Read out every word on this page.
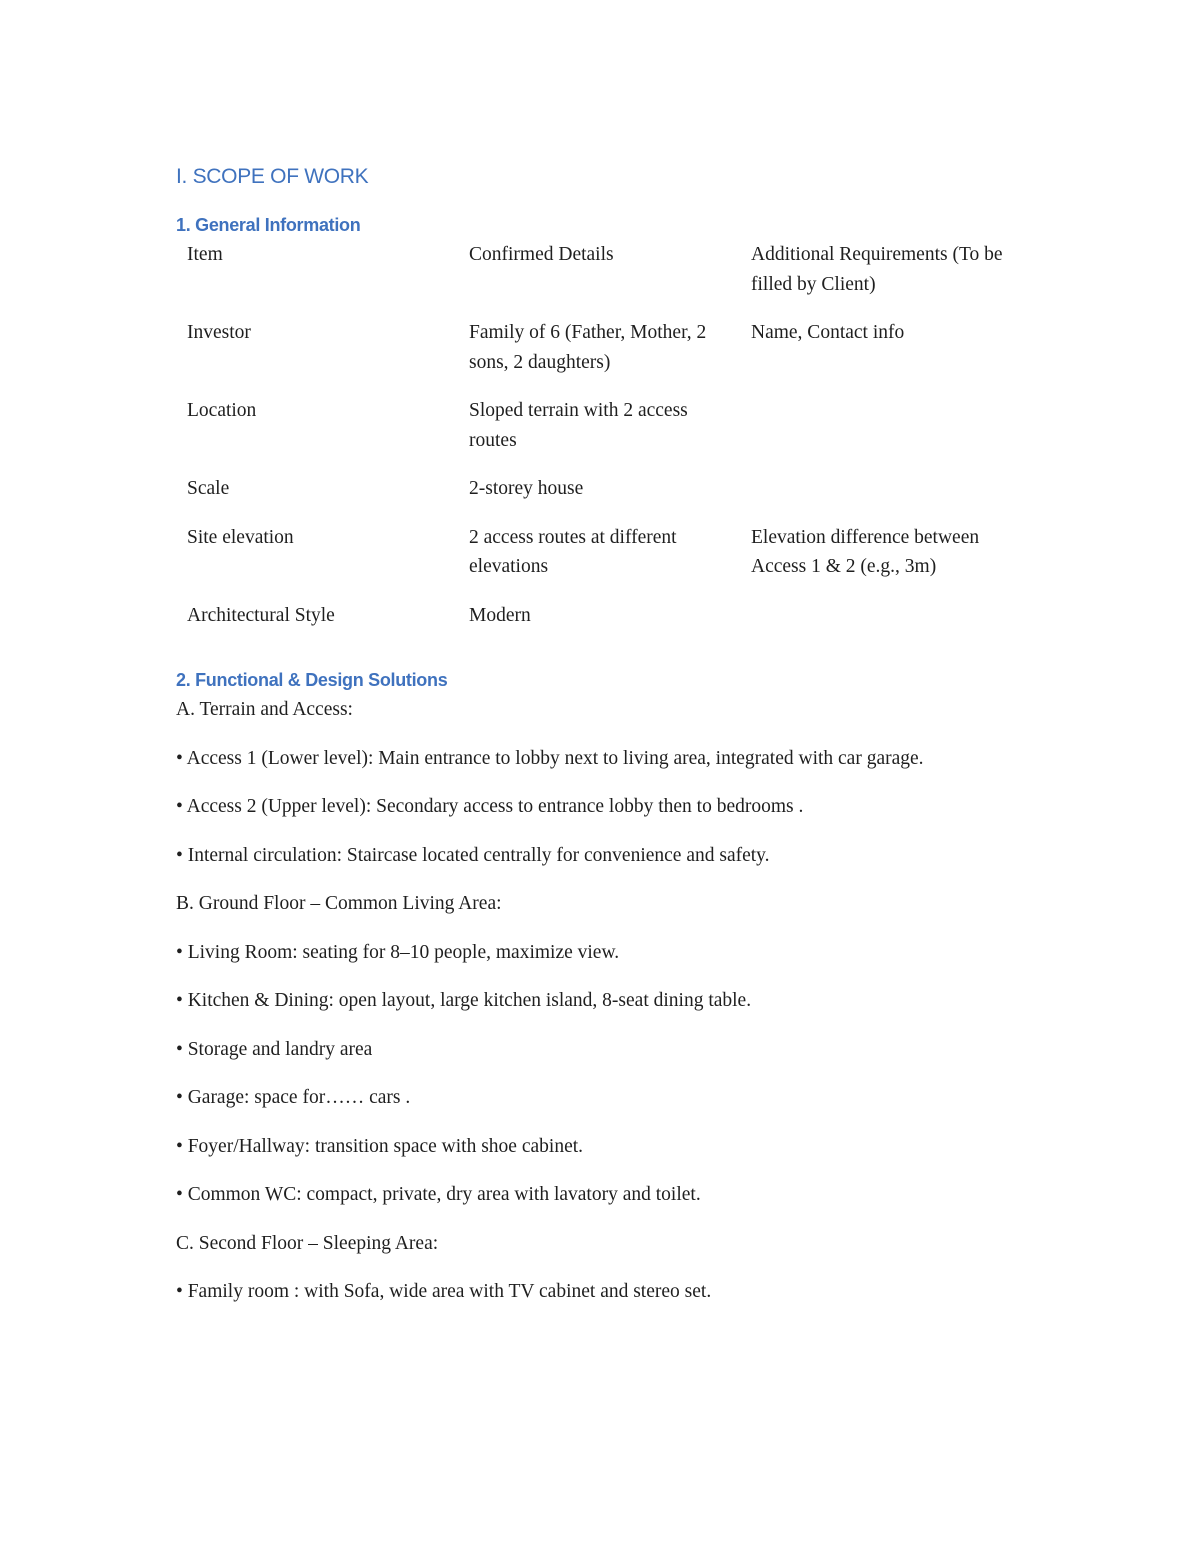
I. SCOPE OF WORK
1. General Information
Item	Confirmed Details	Additional Requirements (To be filled by Client)
Investor	Family of 6 (Father, Mother, 2 sons, 2 daughters)	Name, Contact info
Location	Sloped terrain with 2 access routes	
Scale	2-storey house	
Site elevation	2 access routes at different elevations	Elevation difference between Access 1 & 2 (e.g., 3m)
Architectural Style	Modern	
2. Functional & Design Solutions

A. Terrain and Access:

• Access 1 (Lower level): Main entrance to lobby next to living area, integrated with car garage.

• Access 2 (Upper level): Secondary access to entrance lobby then to bedrooms .

• Internal circulation: Staircase located centrally for convenience and safety.

B. Ground Floor – Common Living Area:

• Living Room: seating for 8–10 people, maximize view.

• Kitchen & Dining: open layout, large kitchen island, 8-seat dining table.

• Storage and landry area

• Garage: space for…… cars .

• Foyer/Hallway: transition space with shoe cabinet.

• Common WC: compact, private, dry area with lavatory and toilet.

C. Second Floor – Sleeping Area:

• Family room : with Sofa, wide area with TV cabinet and stereo set.
